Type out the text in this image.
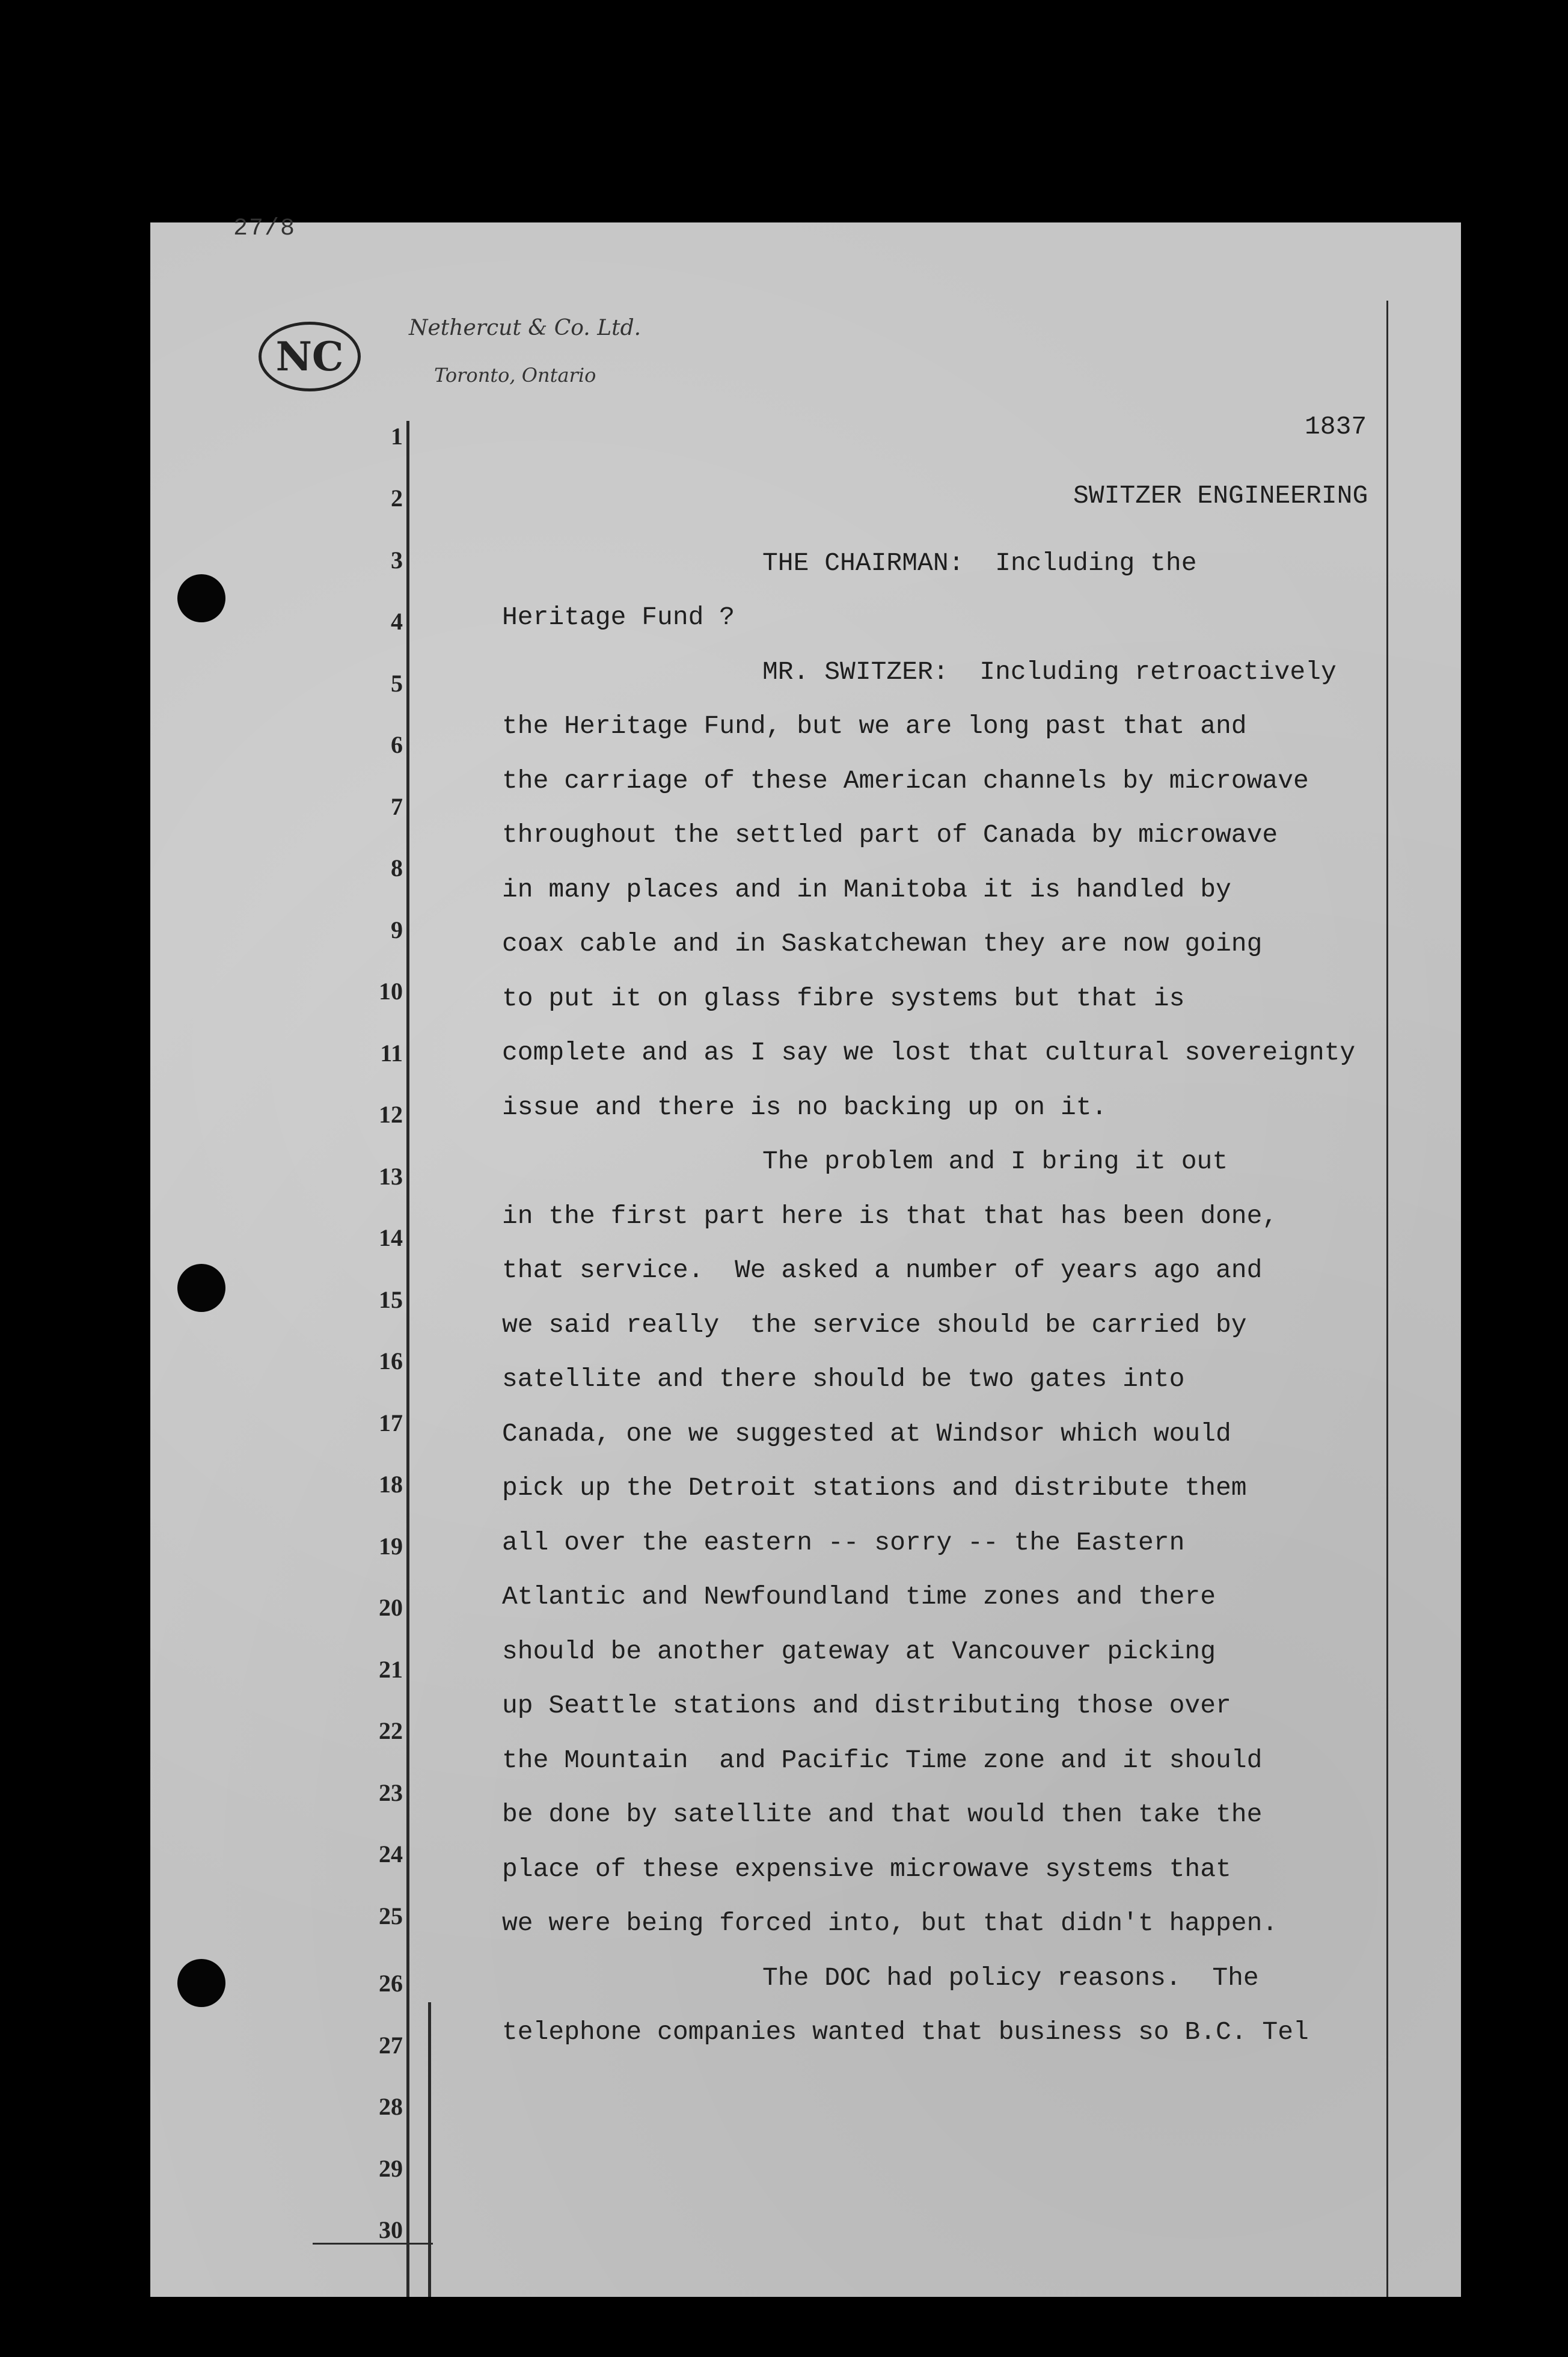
27/8
NC
Nethercut & Co. Ltd.
Toronto, Ontario
1837
SWITZER ENGINEERING
1
2
3
4
5
6
7
8
9
10
11
12
13
14
15
16
17
18
19
20
21
22
23
24
25
26
27
28
29
30
THE CHAIRMAN:  Including the
Heritage Fund ?
MR. SWITZER:  Including retroactively
the Heritage Fund, but we are long past that and
the carriage of these American channels by microwave
throughout the settled part of Canada by microwave
in many places and in Manitoba it is handled by
coax cable and in Saskatchewan they are now going
to put it on glass fibre systems but that is
complete and as I say we lost that cultural sovereignty
issue and there is no backing up on it.
The problem and I bring it out
in the first part here is that that has been done,
that service.  We asked a number of years ago and
we said really  the service should be carried by
satellite and there should be two gates into
Canada, one we suggested at Windsor which would
pick up the Detroit stations and distribute them
all over the eastern -- sorry -- the Eastern
Atlantic and Newfoundland time zones and there
should be another gateway at Vancouver picking
up Seattle stations and distributing those over
the Mountain  and Pacific Time zone and it should
be done by satellite and that would then take the
place of these expensive microwave systems that
we were being forced into, but that didn't happen.
The DOC had policy reasons.  The
telephone companies wanted that business so B.C. Tel
